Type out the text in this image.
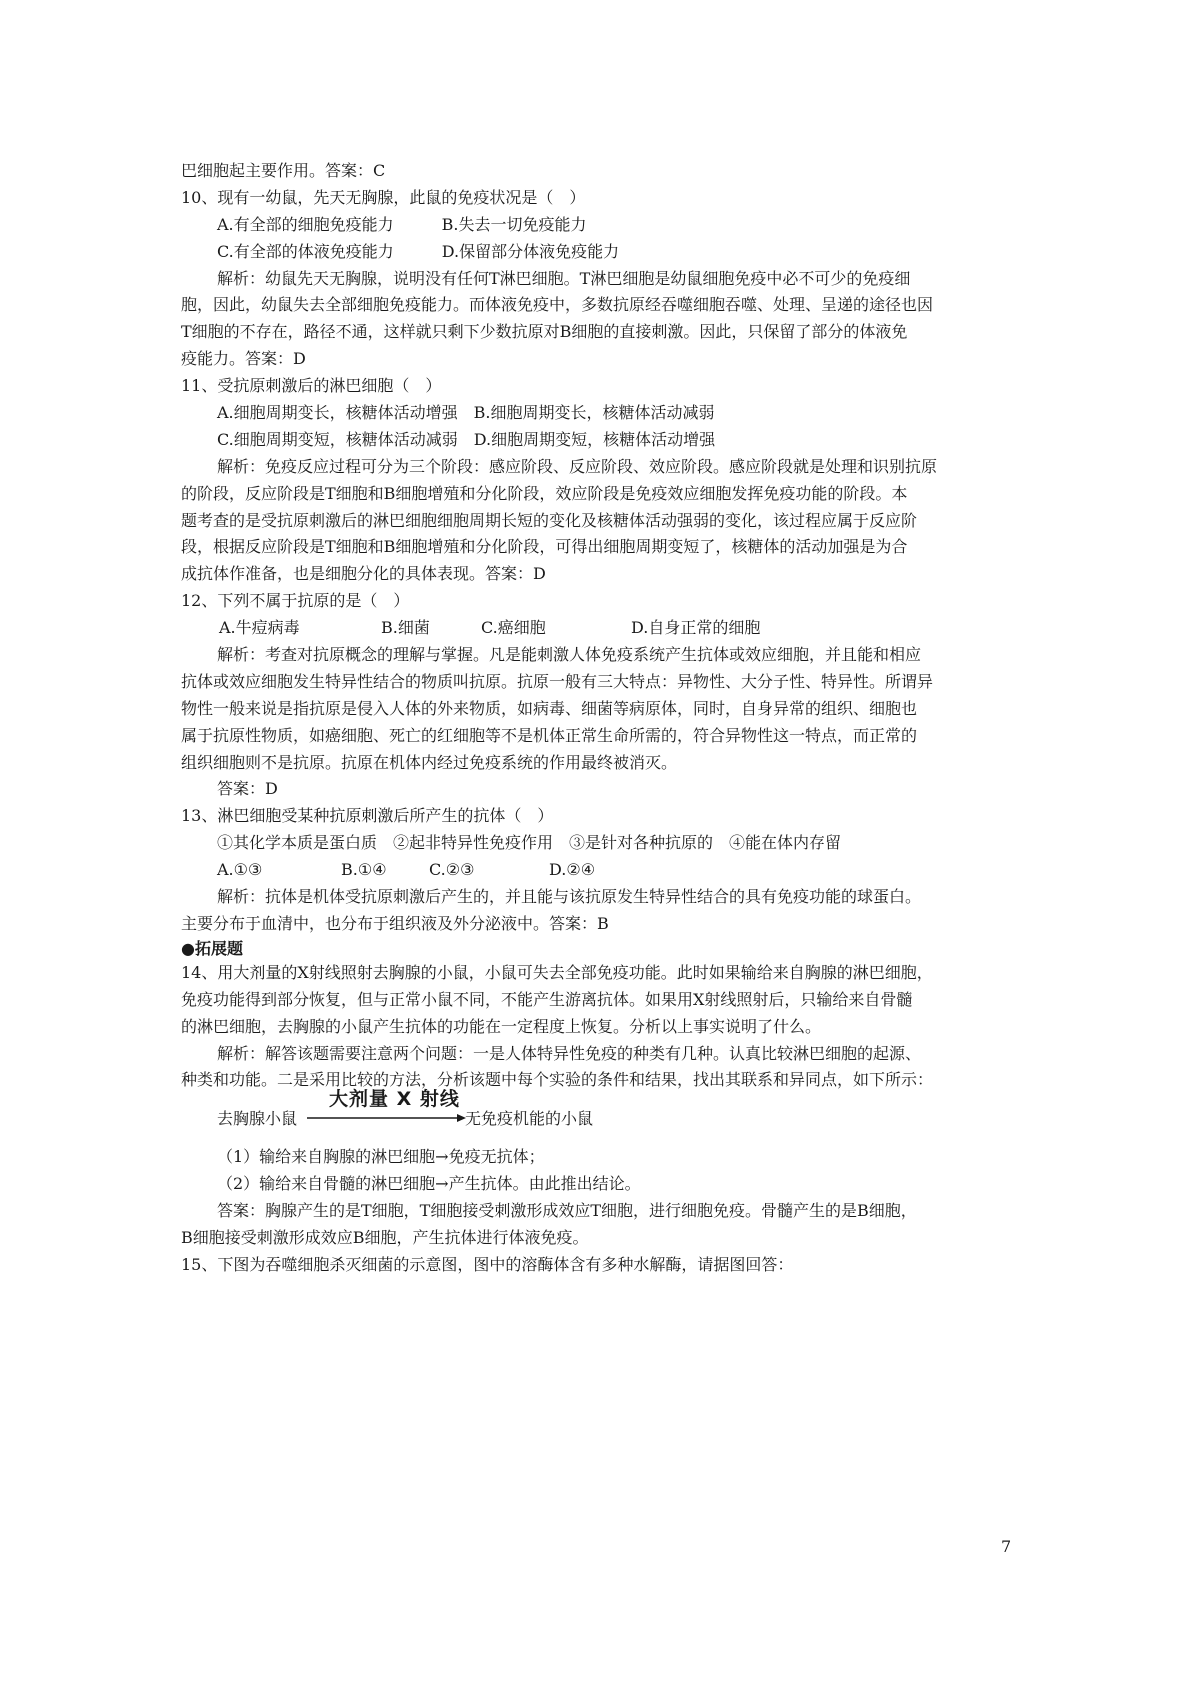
巴细胞起主要作用。答案：C
10、现有一幼鼠，先天无胸腺，此鼠的免疫状况是（　）
A.有全部的细胞免疫能力　　　B.失去一切免疫能力
C.有全部的体液免疫能力　　　D.保留部分体液免疫能力
解析：幼鼠先天无胸腺，说明没有任何T淋巴细胞。T淋巴细胞是幼鼠细胞免疫中必不可少的免疫细
胞，因此，幼鼠失去全部细胞免疫能力。而体液免疫中，多数抗原经吞噬细胞吞噬、处理、呈递的途径也因
T细胞的不存在，路径不通，这样就只剩下少数抗原对B细胞的直接刺激。因此，只保留了部分的体液免
疫能力。答案：D
11、受抗原刺激后的淋巴细胞（　）
A.细胞周期变长，核糖体活动增强　B.细胞周期变长，核糖体活动减弱
C.细胞周期变短，核糖体活动减弱　D.细胞周期变短，核糖体活动增强
解析：免疫反应过程可分为三个阶段：感应阶段、反应阶段、效应阶段。感应阶段就是处理和识别抗原
的阶段，反应阶段是T细胞和B细胞增殖和分化阶段，效应阶段是免疫效应细胞发挥免疫功能的阶段。本
题考查的是受抗原刺激后的淋巴细胞细胞周期长短的变化及核糖体活动强弱的变化，该过程应属于反应阶
段，根据反应阶段是T细胞和B细胞增殖和分化阶段，可得出细胞周期变短了，核糖体的活动加强是为合
成抗体作准备，也是细胞分化的具体表现。答案：D
12、下列不属于抗原的是（　）
A.牛痘病毒	B.细菌	C.癌细胞	D.自身正常的细胞
解析：考查对抗原概念的理解与掌握。凡是能刺激人体免疫系统产生抗体或效应细胞，并且能和相应
抗体或效应细胞发生特异性结合的物质叫抗原。抗原一般有三大特点：异物性、大分子性、特异性。所谓异
物性一般来说是指抗原是侵入人体的外来物质，如病毒、细菌等病原体，同时，自身异常的组织、细胞也
属于抗原性物质，如癌细胞、死亡的红细胞等不是机体正常生命所需的，符合异物性这一特点，而正常的
组织细胞则不是抗原。抗原在机体内经过免疫系统的作用最终被消灭。
答案：D
13、淋巴细胞受某种抗原刺激后所产生的抗体（　）
①其化学本质是蛋白质　②起非特异性免疫作用　③是针对各种抗原的　④能在体内存留
A.①③	B.①④	C.②③	D.②④
解析：抗体是机体受抗原刺激后产生的，并且能与该抗原发生特异性结合的具有免疫功能的球蛋白。
主要分布于血清中，也分布于组织液及外分泌液中。答案：B
●拓展题
14、用大剂量的X射线照射去胸腺的小鼠，小鼠可失去全部免疫功能。此时如果输给来自胸腺的淋巴细胞，
免疫功能得到部分恢复，但与正常小鼠不同，不能产生游离抗体。如果用X射线照射后，只输给来自骨髓
的淋巴细胞，去胸腺的小鼠产生抗体的功能在一定程度上恢复。分析以上事实说明了什么。
解析：解答该题需要注意两个问题：一是人体特异性免疫的种类有几种。认真比较淋巴细胞的起源、
种类和功能。二是采用比较的方法，分析该题中每个实验的条件和结果，找出其联系和异同点，如下所示：
去胸腺小鼠
大剂量 X 射线
无免疫机能的小鼠
（1）输给来自胸腺的淋巴细胞→免疫无抗体；
（2）输给来自骨髓的淋巴细胞→产生抗体。由此推出结论。
答案：胸腺产生的是T细胞，T细胞接受刺激形成效应T细胞，进行细胞免疫。骨髓产生的是B细胞，
B细胞接受刺激形成效应B细胞，产生抗体进行体液免疫。
15、下图为吞噬细胞杀灭细菌的示意图，图中的溶酶体含有多种水解酶，请据图回答：
7
